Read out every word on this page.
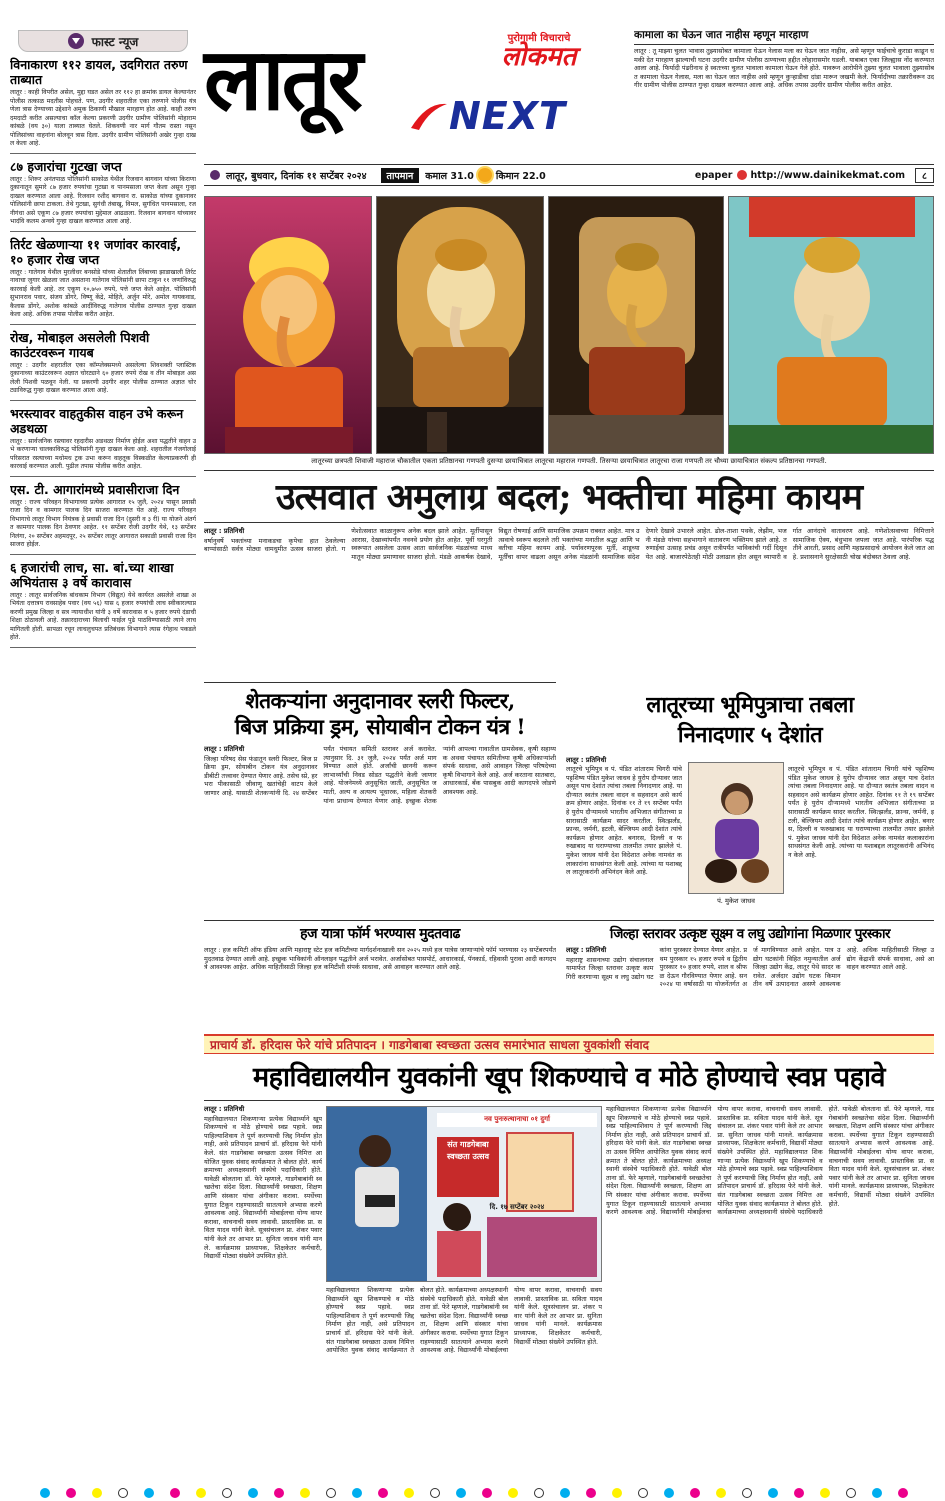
फास्ट न्यूज
विनाकारण ११२ डायल, उदगिरात तरुण ताब्यात
लातूर : काही विपरीत असेल, मुद्दा घडत असेल तर ११२ हा क्रमांक डायल केल्यानंतर पोलीस तत्काळ मदतीस पोहचते. पण, उदगीर शहरातील एका तरुणाने पोलीस यंत्रणेला त्रास देण्याच्या उद्देशाने अमुक ठिकाणी मौखाल मारहाण होत आहे. काही तरुण दमदाटी करीत असल्याचा कॉल केल्या प्रकरणी उदगीर ग्रामीण पोलिसांनी मोहाराम कांबळे (वय ३०) याला ताब्यात घेतले. शिकवणी नार मार्ग गौतम रास्ता नसून पोलिसांच्या वाहनांना बोलवून त्रास दिला. उदगीर ग्रामीण पोलिसांनी अखेर गुन्हा दाखल केला आहे.
८७ हजारांचा गुटखा जप्त
लातूर : शिरूर अनंतपाळ पोलिसांनी साकोळ येथील रिजवान बागवान यांच्या किराणा दुकानातून सुमारे ८७ हजार रुपयांचा गुटखा व पानमसाला जप्त केला असून गुन्हा दाखल करण्यात आला आहे. रिजवान रशीद बागवान रा. साकोळ यांच्या दुकानावर पोलिसांनी छापा टाकला. तेथे गुटखा, सुगंधी तंबाखू, विमल, सुगंधित पानमसाला, रजनीगंधा असे एकूण ८७ हजार रुपयांचा मुद्देमाल आढळला. रिजवान बागवान यांच्यावर भादंवि कलम अन्वये गुन्हा दाखल करण्यात आला आहे.
तिर्रट खेळणाऱ्या ११ जणांवर कारवाई, १० हजार रोख जप्त
लातूर : गातेगाव येथील मुरलीधर बनसोडे यांच्या शेतातील लिंबाच्या झाडाखाली तिर्रट नावाचा जुगार खेळला जात असताना गातेगाव पोलिसांनी छापा टाकून ११ जणांविरुद्ध कारवाई केली आहे. तर एकूण १०,७५० रुपये, पत्ते जप्त केले आहेत. पोलिसांनी सुभानराव पवार, संजय डोंगरे, विष्णू केंद्रे, मोहिते, अर्जुन मोरे, अमोल गायकवाड, कैलास डोंगरे, अशोक कांबळे आदींविरुद्ध गातेगाव पोलीस ठाण्यात गुन्हा दाखल केला आहे. अधिक तपास पोलीस करीत आहेत.
रोख, मोबाइल असलेली पिशवी काउंटरवरून गायब
लातूर : उदगीर शहरातील एका कॉम्प्लेक्समध्ये असलेल्या शिवशक्ती प्लास्टिक दुकानाच्या काउंटरवरून अज्ञात चोरट्याने ६० हजार रुपये रोख व तीन मोबाइल असलेली पिशवी पळवून नेली. या प्रकरणी उदगीर शहर पोलीस ठाण्यात अज्ञात चोरट्याविरुद्ध गुन्हा दाखल करण्यात आला आहे.
भरस्त्यावर वाहतुकीस वाहन उभे करून अडथळा
लातूर : सार्वजनिक रस्त्यावर रहदारीस अडथळा निर्माण होईल अशा पद्धतीने वाहन उभे करणाऱ्या चालकाविरुद्ध पोलिसांनी गुन्हा दाखल केला आहे. शहरातील गंजगोलाई परिसरात रस्त्याच्या मधोमध ट्रक उभा करून वाहतूक विस्कळीत केल्याप्रकरणी ही कारवाई करण्यात आली. पुढील तपास पोलीस करीत आहेत.
एस. टी. आगारांमध्ये प्रवासीराजा दिन
लातूर : राज्य परिवहन विभागाच्या प्रत्येक आगारात १५ जुलै, २०२४ पासून प्रवासी राजा दिन व कामगार पालक दिन साजरा करण्यात येत आहे. राज्य परिवहन विभागाचे लातूर विभाग नियंत्रक हे प्रवासी राजा दिन (दुसरी व ३ री) या योजने अंतर्गत कामगार पालक दिन ठेवणार आहेत. ११ सप्टेंबर रोजी उदगीर येथे, १३ सप्टेंबर निलंगा, २० सप्टेंबर अहमदपूर, २५ सप्टेंबर लातूर आगारात सकाळी प्रवासी राजा दिन साजरा होईल.
६ हजारांची लाच, सा. बां.च्या शाखा अभियंतास ३ वर्षे कारावास
लातूर : लातूर सार्वजनिक बांधकाम विभाग (विद्युत) येथे कार्यरत असलेले शाखा अभियंता दत्तात्रय रावसाहेब पवार (वय ५६) यास ६ हजार रुपयांची लाच स्वीकारल्याप्रकरणी प्रमुख जिल्हा व सत्र न्यायाधीश यांनी ३ वर्षे कारावास व ५ हजार रुपये दंडाची शिक्षा ठोठावली आहे. तक्रारदाराच्या बिलाची फाईल पुढे पाठविण्यासाठी त्याने लाच मागितली होती. सापळा रचून लाचलुचपत प्रतिबंधक विभागाने त्यास रंगेहाथ पकडले होते.
लातूर	पुरोगामी विचाराचे
लोकमत
NEXT
कामाला का घेऊन जात नाहीस म्हणून मारहाण
लातूर : तू माझ्या चुलत भावास तुझ्यासोबत कामाला घेऊन नेलास मला का घेऊन जात नाहीस, असे म्हणून फाईचाचे कुराडा काढून धमकी देत मारहाण झाल्याची घटना उदगीर ग्रामीण पोलीस ठाण्याच्या हद्दीत लोहारासमोर घडली. याबाबत एका जिल्ह्यास नोंद करण्यात आला आहे. फिर्यादी पंढरीनाथ हे स्वतःच्या चुलत भावाला कामाला घेऊन गेले होते. यावरून आरोपीने तुझ्या चुलत भावाला तुझ्यासोबत कामाला घेऊन गेलास, मला का घेऊन जात नाहीस असे म्हणून कुऱ्हाडीचा दांडा मारून जखमी केले. फिर्यादीच्या तक्रारीवरून उदगीर ग्रामीण पोलीस ठाण्यात गुन्हा दाखल करण्यात आला आहे. अधिक तपास उदगीर ग्रामीण पोलीस करीत आहेत.
लातूर, बुधवार, दिनांक ११ सप्टेंबर २०२४	तापमान	कमाल 31.0 किमान 22.0	epaper http://www.dainikekmat.com	८
लातूरच्या छत्रपती शिवाजी महाराज चौकातील एकता प्रतिष्ठानचा गणपती दुसऱ्या छायाचित्रात लातूरचा महाराज गणपती. तिसऱ्या छायाचित्रात लातूरचा राजा गणपती तर चौथ्या छायाचित्रात संकल्प प्रतिष्ठानचा गणपती.
उत्सवात अमुलाग्र बदल; भक्तीचा महिमा कायम
लातूर : प्रतिनिधी
वर्षानुवर्षे भक्तांच्या मनाकडचा कृपेचा हात ठेवलेल्या बाप्पांसाठी सर्वत्र मोठ्या धामधुमीत उत्सव साजरा होतो. गणेशोत्सवात काळानुरूप अनेक बदल झाले आहेत. मूर्तीपासून आरास, देखाव्यांपर्यंत नवनवे प्रयोग होत आहेत. पूर्वी घरगुती स्वरूपात असलेला उत्सव आता सार्वजनिक मंडळांच्या माध्यमातून मोठ्या प्रमाणावर साजरा होतो. मंडळे आकर्षक देखावे, विद्युत रोषणाई आणि सामाजिक उपक्रम राबवत आहेत. मात्र उत्सवाचे स्वरूप बदलले तरी भक्तांच्या मनातील श्रद्धा आणि भक्तीचा महिमा कायम आहे. पर्यावरणपूरक मूर्ती, शाडूच्या मूर्तींचा वापर वाढला असून अनेक मंडळांनी सामाजिक संदेश देणारे देखावे उभारले आहेत. ढोल-ताशा पथके, लेझीम, भजनी मंडळे यांच्या सहभागाने वातावरण भक्तिमय झाले आहे. तरुणाईचा उत्साह प्रचंड असून रात्रीपर्यंत भाविकांची गर्दी दिसून येत आहे. बाजारपेठेतही मोठी उलाढाल होत असून व्यापारी वर्गात आनंदाचे वातावरण आहे. गणेशोत्सवाच्या निमित्ताने सामाजिक ऐक्य, बंधुभाव जपला जात आहे. पारंपरिक पद्धतीने आरती, प्रसाद आणि महाप्रसादाचे आयोजन केले जात आहे. प्रशासनाने सुरक्षेसाठी चोख बंदोबस्त ठेवला आहे.
शेतकऱ्यांना अनुदानावर स्लरी फिल्टर,
बिज प्रक्रिया ड्रम, सोयाबीन टोकन यंत्र !
लातूर : प्रतिनिधी
जिल्हा परिषद सेस फंडातून स्लरी फिल्टर, बिज प्रक्रिया ड्रम, सोयाबीन टोकन यंत्र अनुदानावर डीबीटी तत्त्वावर देण्यात येणार आहे. तसेच स्प्रे, हरभरा पीकासाठी जीवाणू खतांचेही वाटप केले जाणार आहे. यासाठी शेतकऱ्यांनी दि. २४ सप्टेंबर पर्यंत पंचायत समिती स्तरावर अर्ज करावेत. त्यानुसार दि. ३१ जुलै, २०२४ पर्यंत अर्ज मागविण्यात आले होते. अर्जांची छाननी करून लाभार्थ्यांची निवड सोडत पद्धतीने केली जाणार आहे. योजनेमध्ये अनुसूचित जाती, अनुसूचित जमाती, अल्प व अत्यल्प भूधारक, महिला शेतकरी यांना प्राधान्य देण्यात येणार आहे. इच्छुक शेतकऱ्यांनी आपल्या गावातील ग्रामसेवक, कृषी सहाय्यक अथवा पंचायत समितीच्या कृषी अधिकाऱ्यांशी संपर्क साधावा, असे आवाहन जिल्हा परिषदेच्या कृषी विभागाने केले आहे. अर्ज करताना सातबारा, आधारकार्ड, बँक पासबुक आदी कागदपत्रे जोडणे आवश्यक आहे.
लातूरच्या भूमिपुत्राचा तबला
निनादणार ५ देशांत
लातूर : प्रतिनिधी
पं. मुकेश जाधव
लातूरचे भूमिपुत्र व पं. पंडित शांताराम चिगरी यांचे पट्टशिष्य पंडित मुकेश जाधव हे युरोप दौऱ्यावर जात असून पाच देशांत त्यांचा तबला निनादणार आहे. या दौऱ्यात स्वतंत्र तबला वादन व सहवादन असे कार्यक्रम होणार आहेत. दिनांक ११ ते १९ सप्टेंबर पर्यंत हे युरोप दौऱ्यामध्ये भारतीय अभिजात संगीताच्या प्रसारासाठी कार्यक्रम सादर करतील. स्वित्झर्लंड, फ्रान्स, जर्मनी, इटली, बेल्जियम आदी देशांत त्यांचे कार्यक्रम होणार आहेत. बनारस, दिल्ली व फरुखाबाद या घराण्याच्या तालमीत तयार झालेले पं. मुकेश जाधव यांनी देश विदेशात अनेक नामवंत कलाकारांना साथसंगत केली आहे. त्यांच्या या यशाबद्दल लातूरकरांनी अभिनंदन केले आहे.
लातूरचे भूमिपुत्र व पं. पंडित शांताराम चिगरी यांचे पट्टशिष्य पंडित मुकेश जाधव हे युरोप दौऱ्यावर जात असून पाच देशांत त्यांचा तबला निनादणार आहे. या दौऱ्यात स्वतंत्र तबला वादन व सहवादन असे कार्यक्रम होणार आहेत. दिनांक ११ ते १९ सप्टेंबर पर्यंत हे युरोप दौऱ्यामध्ये भारतीय अभिजात संगीताच्या प्रसारासाठी कार्यक्रम सादर करतील. स्वित्झर्लंड, फ्रान्स, जर्मनी, इटली, बेल्जियम आदी देशांत त्यांचे कार्यक्रम होणार आहेत. बनारस, दिल्ली व फरुखाबाद या घराण्याच्या तालमीत तयार झालेले पं. मुकेश जाधव यांनी देश विदेशात अनेक नामवंत कलाकारांना साथसंगत केली आहे. त्यांच्या या यशाबद्दल लातूरकरांनी अभिनंदन केले आहे.
हज यात्रा फॉर्म भरण्यास मुदतवाढ
लातूर : हज कमिटी ऑफ इंडिया आणि महाराष्ट्र स्टेट हज कमिटीच्या मार्गदर्शनाखाली सन २०२५ मध्ये हज यात्रेस जाणाऱ्यांचे फॉर्म भरण्यास २३ सप्टेंबरपर्यंत मुदतवाढ देण्यात आली आहे. इच्छुक भाविकांनी ऑनलाइन पद्धतीने अर्ज भरावेत. अर्जासोबत पासपोर्ट, आधारकार्ड, पॅनकार्ड, रहिवासी पुरावा आदी कागदपत्रे आवश्यक आहेत. अधिक माहितीसाठी जिल्हा हज कमिटीशी संपर्क साधावा, असे आवाहन करण्यात आले आहे.
जिल्हा स्तरावर उत्कृष्ट सूक्ष्म व लघु उद्योगांना मिळणार पुरस्कार
लातूर : प्रतिनिधी
महाराष्ट्र शासनाच्या उद्योग संचालनालयामार्फत जिल्हा स्तरावर उत्कृष्ट कामगिरी करणाऱ्या सूक्ष्म व लघु उद्योग घटकांना पुरस्कार देण्यात येणार आहेत. प्रथम पुरस्कार १५ हजार रुपये व द्वितीय पुरस्कार १० हजार रुपये, शाल व श्रीफळ देऊन गौरविण्यात येणार आहे. सन २०२४ या वर्षासाठी या योजनेंतर्गत अर्ज मागविण्यात आले आहेत. पात्र उद्योग घटकांनी विहित नमुन्यातील अर्ज जिल्हा उद्योग केंद्र, लातूर येथे सादर करावेत. अर्जदार उद्योग घटक किमान तीन वर्षे उत्पादनात असणे आवश्यक आहे. अधिक माहितीसाठी जिल्हा उद्योग केंद्राशी संपर्क साधावा, असे आवाहन करण्यात आले आहे.
प्राचार्य डॉ. हरिदास फेरे यांचे प्रतिपादन । गाडगेबाबा स्वच्छता उत्सव समारंभात साधला युवकांशी संवाद
महाविद्यालयीन युवकांनी खूप शिकण्याचे व मोठे होण्याचे स्वप्न पहावे
लातूर : प्रतिनिधी
महाविद्यालयात शिकणाऱ्या प्रत्येक विद्यार्थ्याने खूप शिकण्याचे व मोठे होण्याचे स्वप्न पहावे. स्वप्न पाहिल्याशिवाय ते पूर्ण करण्याची जिद्द निर्माण होत नाही, असे प्रतिपादन प्राचार्य डॉ. हरिदास फेरे यांनी केले. संत गाडगेबाबा स्वच्छता उत्सव निमित्त आयोजित युवक संवाद कार्यक्रमात ते बोलत होते. कार्यक्रमाच्या अध्यक्षस्थानी संस्थेचे पदाधिकारी होते. यावेळी बोलताना डॉ. फेरे म्हणाले, गाडगेबाबांनी स्वच्छतेचा संदेश दिला. विद्यार्थ्यांनी स्वच्छता, शिक्षण आणि संस्कार यांचा अंगीकार करावा. स्पर्धेच्या युगात टिकून राहण्यासाठी सातत्याने अभ्यास करणे आवश्यक आहे. विद्यार्थ्यांनी मोबाईलचा योग्य वापर करावा, वाचनाची सवय लावावी. प्रास्ताविक प्रा. सविता यादव यांनी केले. सूत्रसंचालन प्रा. शंकर पवार यांनी केले तर आभार प्रा. सुनिता जाधव यांनी मानले. कार्यक्रमास प्राध्यापक, शिक्षकेतर कर्मचारी, विद्यार्थी मोठ्या संख्येने उपस्थित होते.
नव पुनःरुत्थानाचा ०१ दुर्गा
संत गाडगेबाबा
स्वच्छता उत्सव
दि. १७ सप्टेंबर २०२४
महाविद्यालयात शिकणाऱ्या प्रत्येक विद्यार्थ्याने खूप शिकण्याचे व मोठे होण्याचे स्वप्न पहावे. स्वप्न पाहिल्याशिवाय ते पूर्ण करण्याची जिद्द निर्माण होत नाही, असे प्रतिपादन प्राचार्य डॉ. हरिदास फेरे यांनी केले. संत गाडगेबाबा स्वच्छता उत्सव निमित्त आयोजित युवक संवाद कार्यक्रमात ते बोलत होते. कार्यक्रमाच्या अध्यक्षस्थानी संस्थेचे पदाधिकारी होते. यावेळी बोलताना डॉ. फेरे म्हणाले, गाडगेबाबांनी स्वच्छतेचा संदेश दिला. विद्यार्थ्यांनी स्वच्छता, शिक्षण आणि संस्कार यांचा अंगीकार करावा. स्पर्धेच्या युगात टिकून राहण्यासाठी सातत्याने अभ्यास करणे आवश्यक आहे. विद्यार्थ्यांनी मोबाईलचा योग्य वापर करावा, वाचनाची सवय लावावी. प्रास्ताविक प्रा. सविता यादव यांनी केले. सूत्रसंचालन प्रा. शंकर पवार यांनी केले तर आभार प्रा. सुनिता जाधव यांनी मानले. कार्यक्रमास प्राध्यापक, शिक्षकेतर कर्मचारी, विद्यार्थी मोठ्या संख्येने उपस्थित होते.
महाविद्यालयात शिकणाऱ्या प्रत्येक विद्यार्थ्याने खूप शिकण्याचे व मोठे होण्याचे स्वप्न पहावे. स्वप्न पाहिल्याशिवाय ते पूर्ण करण्याची जिद्द निर्माण होत नाही, असे प्रतिपादन प्राचार्य डॉ. हरिदास फेरे यांनी केले. संत गाडगेबाबा स्वच्छता उत्सव निमित्त आयोजित युवक संवाद कार्यक्रमात ते बोलत होते. कार्यक्रमाच्या अध्यक्षस्थानी संस्थेचे पदाधिकारी होते. यावेळी बोलताना डॉ. फेरे म्हणाले, गाडगेबाबांनी स्वच्छतेचा संदेश दिला. विद्यार्थ्यांनी स्वच्छता, शिक्षण आणि संस्कार यांचा अंगीकार करावा. स्पर्धेच्या युगात टिकून राहण्यासाठी सातत्याने अभ्यास करणे आवश्यक आहे. विद्यार्थ्यांनी मोबाईलचा योग्य वापर करावा, वाचनाची सवय लावावी. प्रास्ताविक प्रा. सविता यादव यांनी केले. सूत्रसंचालन प्रा. शंकर पवार यांनी केले तर आभार प्रा. सुनिता जाधव यांनी मानले. कार्यक्रमास प्राध्यापक, शिक्षकेतर कर्मचारी, विद्यार्थी मोठ्या संख्येने उपस्थित होते. महाविद्यालयात शिकणाऱ्या प्रत्येक विद्यार्थ्याने खूप शिकण्याचे व मोठे होण्याचे स्वप्न पहावे. स्वप्न पाहिल्याशिवाय ते पूर्ण करण्याची जिद्द निर्माण होत नाही, असे प्रतिपादन प्राचार्य डॉ. हरिदास फेरे यांनी केले. संत गाडगेबाबा स्वच्छता उत्सव निमित्त आयोजित युवक संवाद कार्यक्रमात ते बोलत होते. कार्यक्रमाच्या अध्यक्षस्थानी संस्थेचे पदाधिकारी होते. यावेळी बोलताना डॉ. फेरे म्हणाले, गाडगेबाबांनी स्वच्छतेचा संदेश दिला. विद्यार्थ्यांनी स्वच्छता, शिक्षण आणि संस्कार यांचा अंगीकार करावा. स्पर्धेच्या युगात टिकून राहण्यासाठी सातत्याने अभ्यास करणे आवश्यक आहे. विद्यार्थ्यांनी मोबाईलचा योग्य वापर करावा, वाचनाची सवय लावावी. प्रास्ताविक प्रा. सविता यादव यांनी केले. सूत्रसंचालन प्रा. शंकर पवार यांनी केले तर आभार प्रा. सुनिता जाधव यांनी मानले. कार्यक्रमास प्राध्यापक, शिक्षकेतर कर्मचारी, विद्यार्थी मोठ्या संख्येने उपस्थित होते.
